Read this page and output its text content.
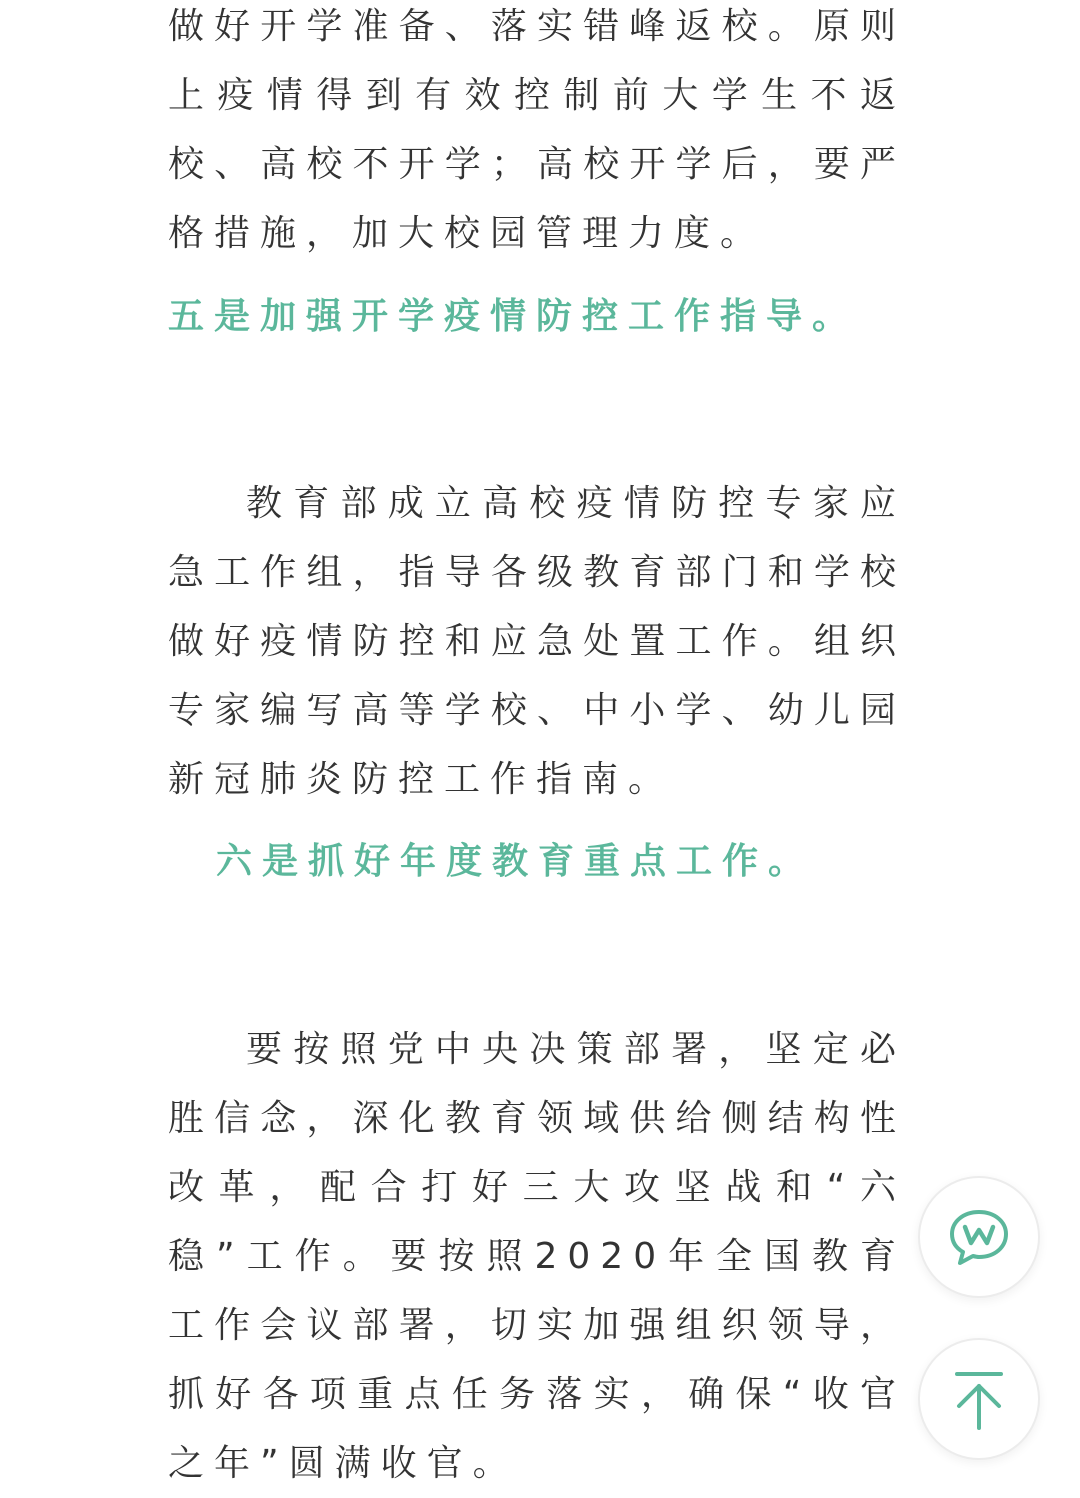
做好开学准备、落实错峰返校。原则上疫情得到有效控制前大学生不返校、高校不开学；高校开学后，要严格措施，加大校园管理力度。

五是加强开学疫情防控工作指导。

教育部成立高校疫情防控专家应急工作组，指导各级教育部门和学校做好疫情防控和应急处置工作。组织专家编写高等学校、中小学、幼儿园新冠肺炎防控工作指南。

六是抓好年度教育重点工作。

要按照党中央决策部署，坚定必胜信念，深化教育领域供给侧结构性改革，配合打好三大攻坚战和“六稳”工作。要按照2020年全国教育工作会议部署，切实加强组织领导，抓好各项重点任务落实，确保“收官之年”圆满收官。
